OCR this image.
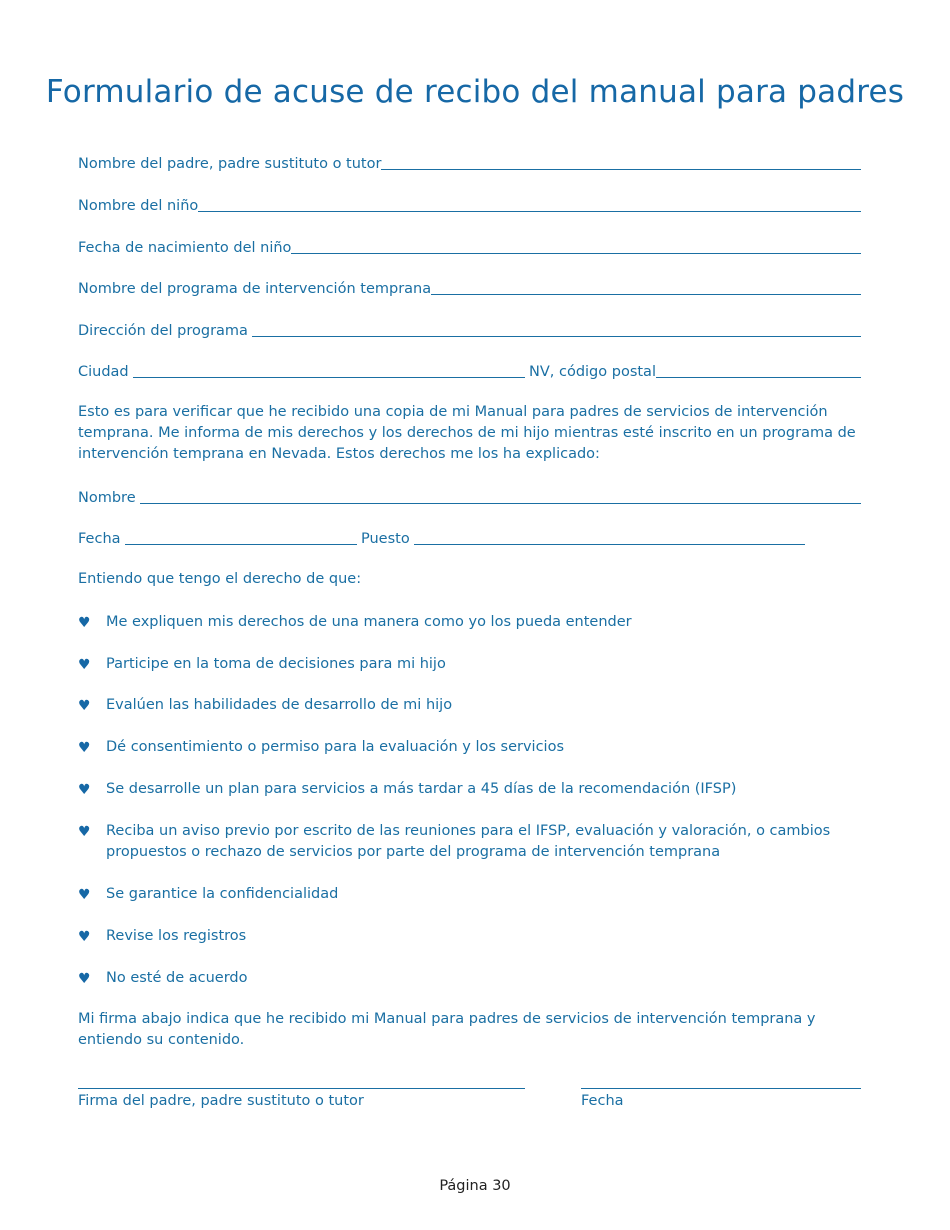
Formulario de acuse de recibo del manual para padres
Nombre del padre, padre sustituto o tutor
Nombre del niño
Fecha de nacimiento del niño
Nombre del programa de intervención temprana
Dirección del programa
Ciudad	NV, código postal
Esto es para verificar que he recibido una copia de mi Manual para padres de servicios de intervención temprana. Me informa de mis derechos y los derechos de mi hijo mientras esté inscrito en un programa de intervención temprana en Nevada. Estos derechos me los ha explicado:
Nombre
Fecha	Puesto
Entiendo que tengo el derecho de que:
♥ Me expliquen mis derechos de una manera como yo los pueda entender
♥ Participe en la toma de decisiones para mi hijo
♥ Evalúen las habilidades de desarrollo de mi hijo
♥ Dé consentimiento o permiso para la evaluación y los servicios
♥ Se desarrolle un plan para servicios a más tardar a 45 días de la recomendación (IFSP)
♥ Reciba un aviso previo por escrito de las reuniones para el IFSP, evaluación y valoración, o cambios propuestos o rechazo de servicios por parte del programa de intervención temprana
♥ Se garantice la confidencialidad
♥ Revise los registros
♥ No esté de acuerdo
Mi firma abajo indica que he recibido mi Manual para padres de servicios de intervención temprana y entiendo su contenido.
Firma del padre, padre sustituto o tutor	Fecha
Página 30
